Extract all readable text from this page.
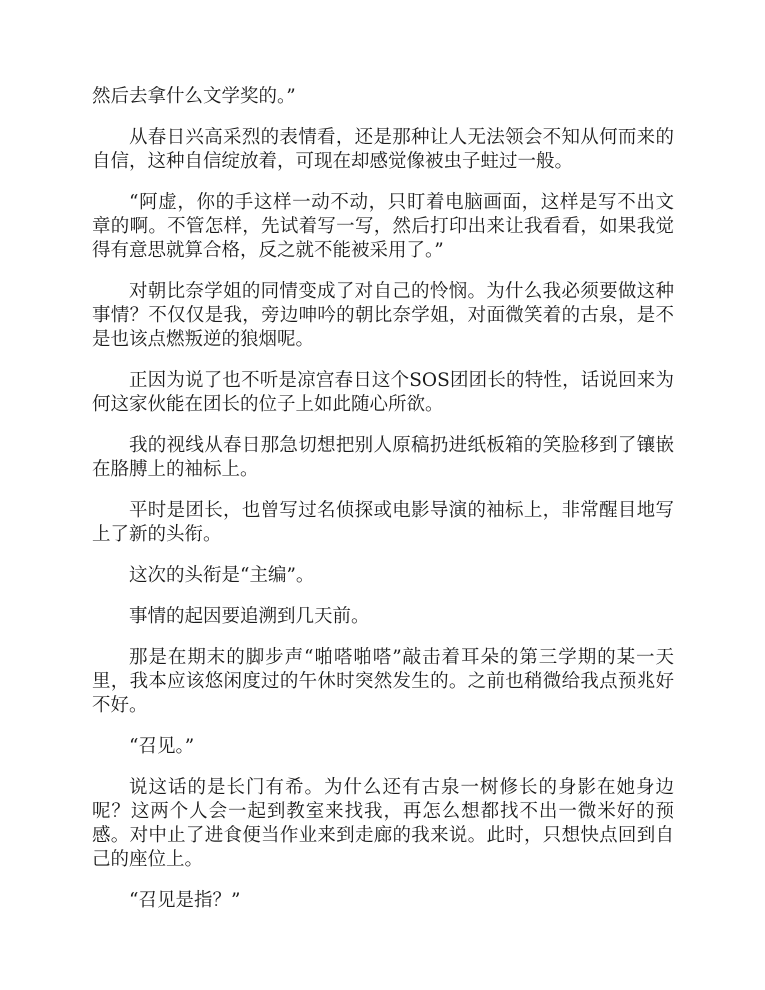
然后去拿什么文学奖的。”

从春日兴高采烈的表情看，还是那种让人无法领会不知从何而来的自信，这种自信绽放着，可现在却感觉像被虫子蛀过一般。

“阿虚，你的手这样一动不动，只盯着电脑画面，这样是写不出文章的啊。不管怎样，先试着写一写，然后打印出来让我看看，如果我觉得有意思就算合格，反之就不能被采用了。”

对朝比奈学姐的同情变成了对自己的怜悯。为什么我必须要做这种事情？不仅仅是我，旁边呻吟的朝比奈学姐，对面微笑着的古泉，是不是也该点燃叛逆的狼烟呢。

正因为说了也不听是凉宫春日这个SOS团团长的特性，话说回来为何这家伙能在团长的位子上如此随心所欲。

我的视线从春日那急切想把别人原稿扔进纸板箱的笑脸移到了镶嵌在胳膊上的袖标上。

平时是团长，也曾写过名侦探或电影导演的袖标上，非常醒目地写上了新的头衔。

这次的头衔是“主编”。

事情的起因要追溯到几天前。

那是在期末的脚步声“啪嗒啪嗒”敲击着耳朵的第三学期的某一天里，我本应该悠闲度过的午休时突然发生的。之前也稍微给我点预兆好不好。

“召见。”

说这话的是长门有希。为什么还有古泉一树修长的身影在她身边呢？这两个人会一起到教室来找我，再怎么想都找不出一微米好的预感。对中止了进食便当作业来到走廊的我来说。此时，只想快点回到自己的座位上。

“召见是指？”
